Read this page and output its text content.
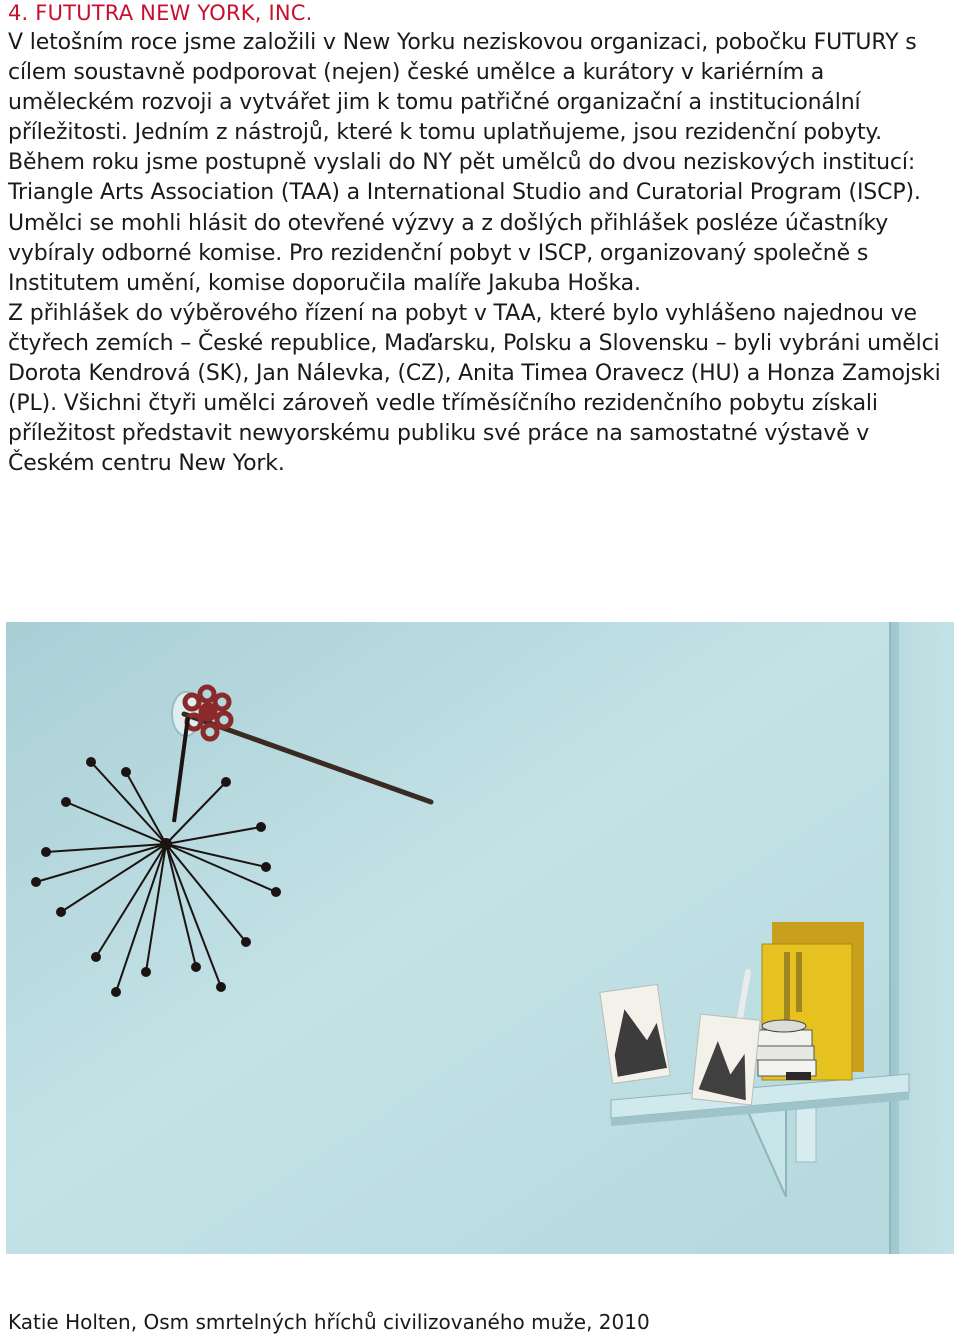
4. FUTUTRA NEW YORK, INC.

V letošním roce jsme založili v New Yorku neziskovou organizaci, pobočku FUTURY s cílem soustavně podporovat (nejen) české umělce a kurátory v kariérním a uměleckém rozvoji a vytvářet jim k tomu patřičné organizační a institucionální příležitosti. Jedním z nástrojů, které k tomu uplatňujeme, jsou rezidenční pobyty.

Během roku jsme postupně vyslali do NY pět umělců do dvou neziskových institucí: Triangle Arts Association (TAA) a International Studio and Curatorial Program (ISCP). Umělci se mohli hlásit do otevřené výzvy a z došlých přihlášek posléze účastníky vybíraly odborné komise. Pro rezidenční pobyt v ISCP, organizovaný společně s Institutem umění, komise doporučila malíře Jakuba Hoška.

Z přihlášek do výběrového řízení na pobyt v TAA, které bylo vyhlášeno najednou ve čtyřech zemích – České republice, Maďarsku, Polsku a Slovensku – byli vybráni umělci Dorota Kendrová (SK), Jan Nálevka, (CZ), Anita Timea Oravecz (HU) a Honza Zamojski (PL). Všichni čtyři umělci zároveň vedle tříměsíčního rezidenčního pobytu získali příležitost představit newyorskému publiku své práce na samostatné výstavě v Českém centru New York.

Katie Holten, Osm smrtelných hříchů civilizovaného muže, 2010
